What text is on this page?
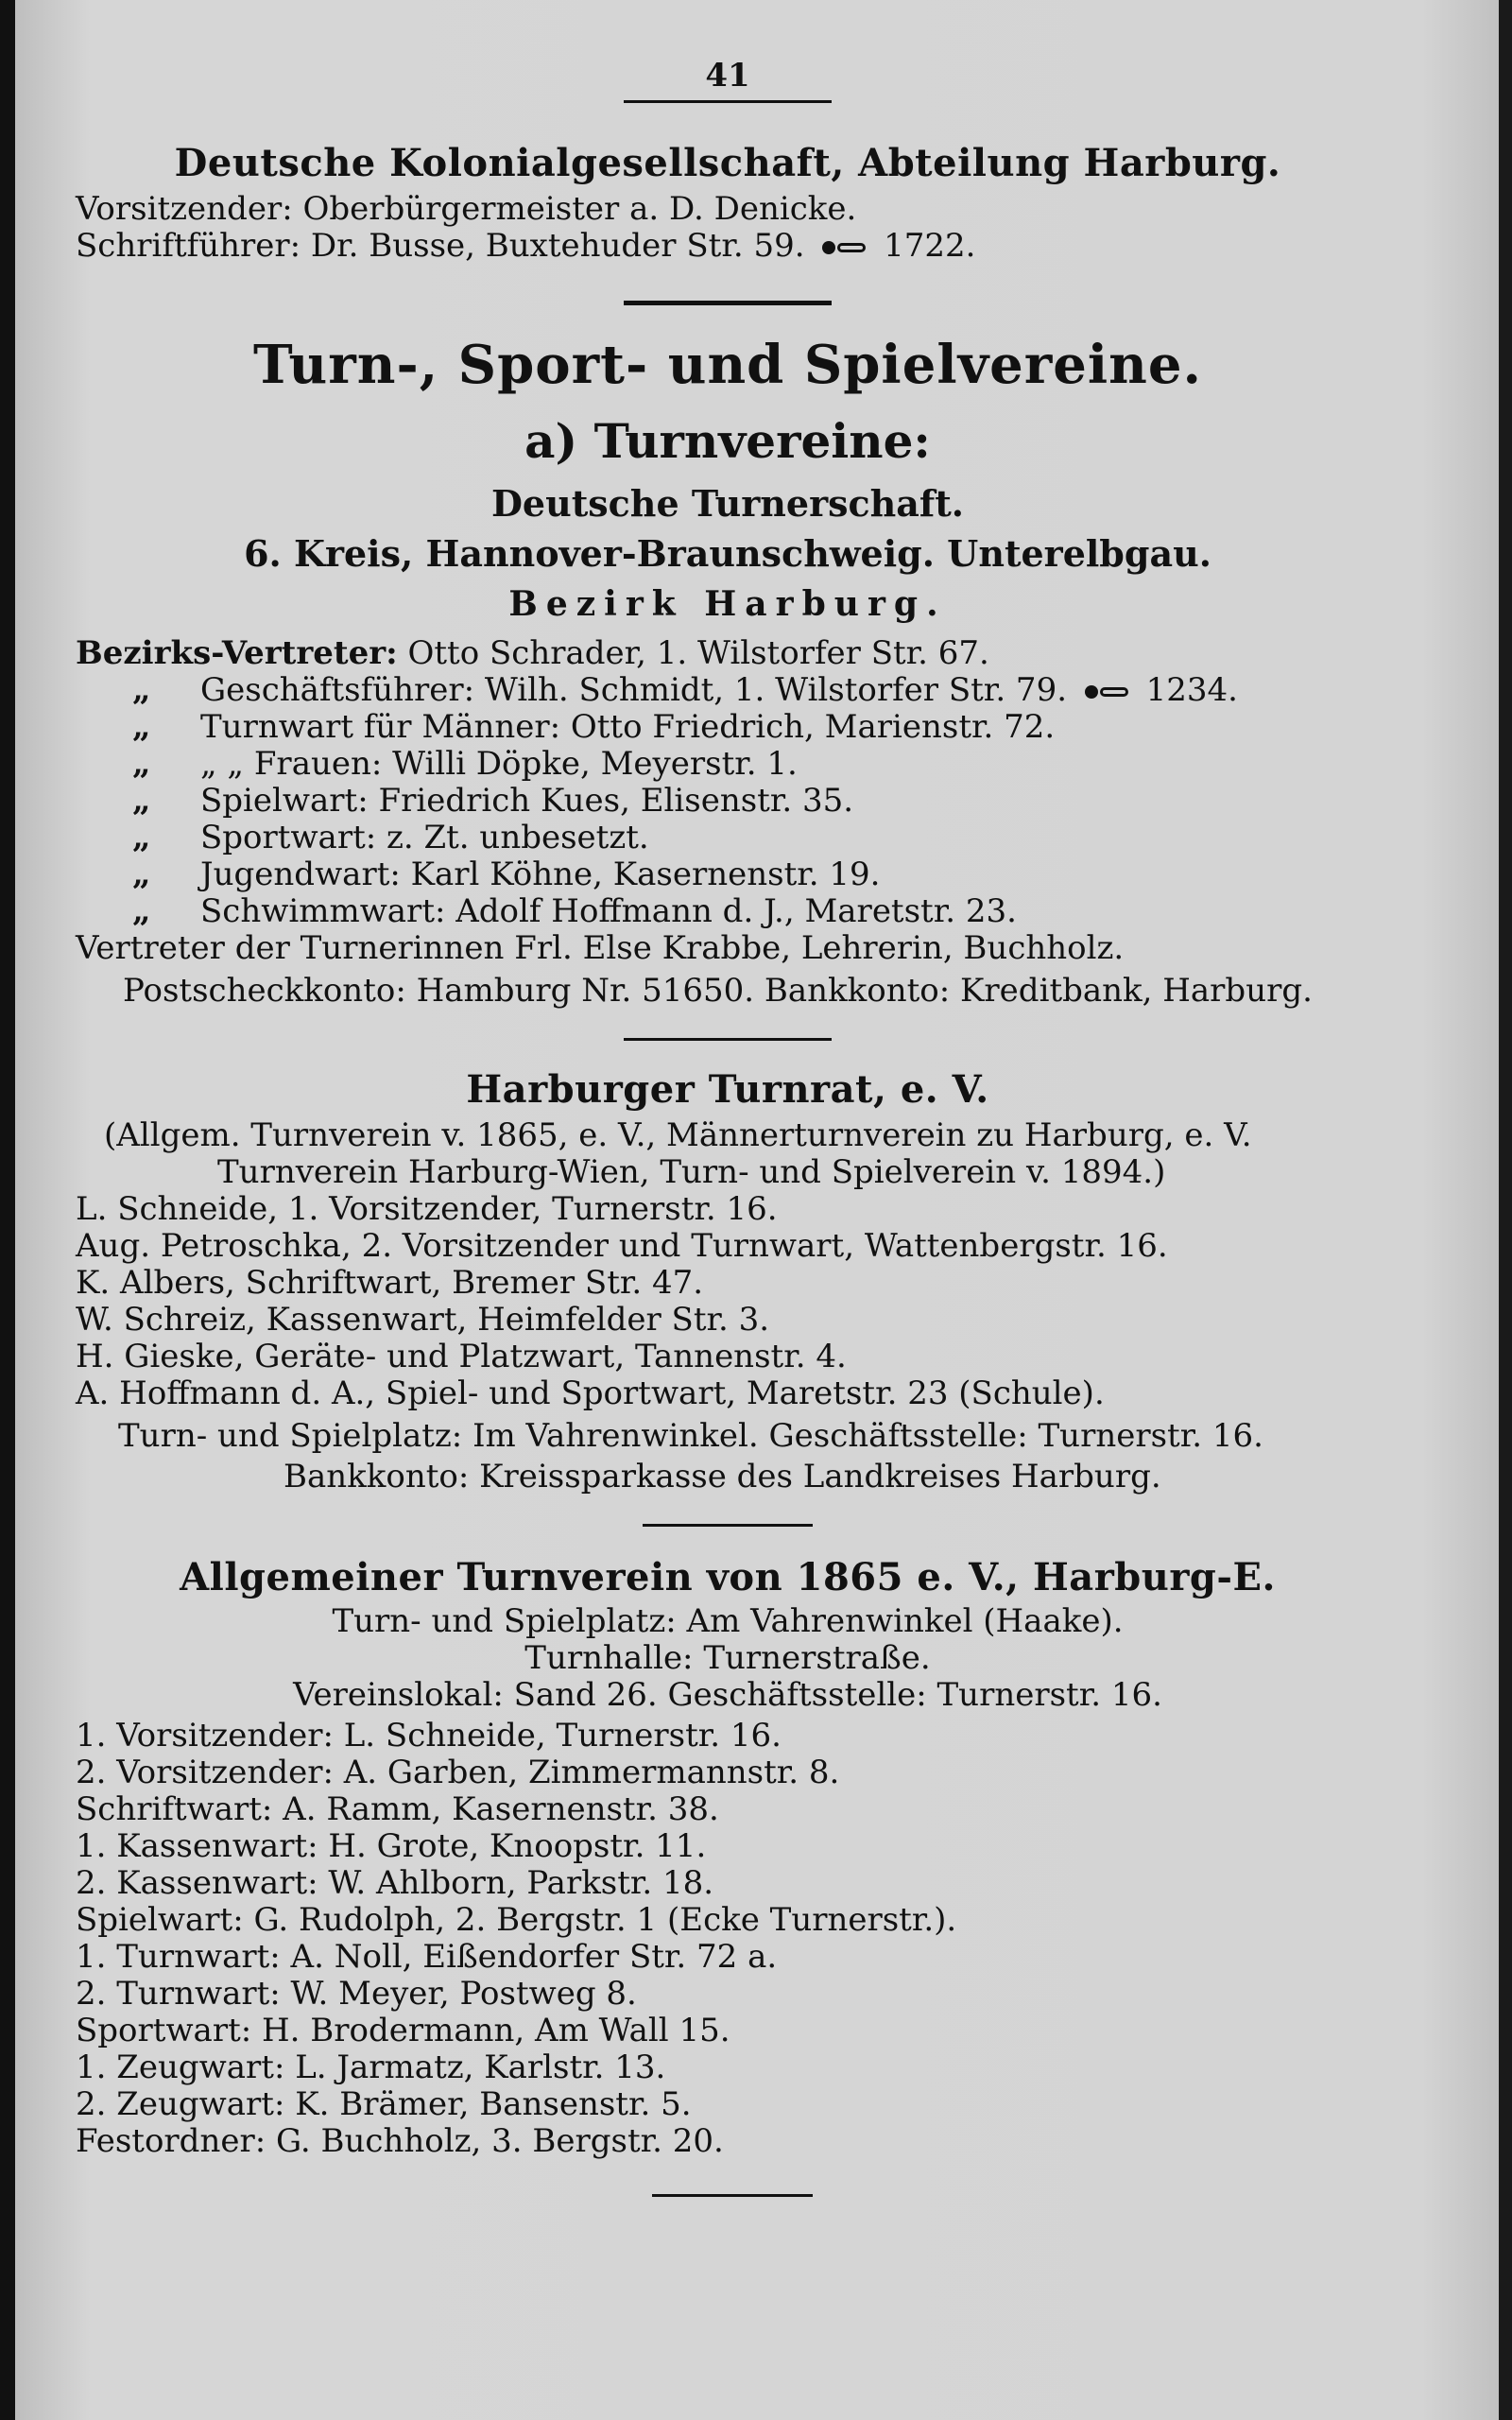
41
Deutsche Kolonialgesellschaft, Abteilung Harburg.
Vorsitzender: Oberbürgermeister a. D. Denicke.
Schriftführer: Dr. Busse, Buxtehuder Str. 59. 1722.
Turn-, Sport- und Spielvereine.
a) Turnvereine:
Deutsche Turnerschaft.
6. Kreis, Hannover-Braunschweig. Unterelbgau.
Bezirk Harburg.
Bezirks-Vertreter: Otto Schrader, 1. Wilstorfer Str. 67.
„ Geschäftsführer: Wilh. Schmidt, 1. Wilstorfer Str. 79. 1234.
„ Turnwart für Männer: Otto Friedrich, Marienstr. 72.
„ „ „ Frauen: Willi Döpke, Meyerstr. 1.
„ Spielwart: Friedrich Kues, Elisenstr. 35.
„ Sportwart: z. Zt. unbesetzt.
„ Jugendwart: Karl Köhne, Kasernenstr. 19.
„ Schwimmwart: Adolf Hoffmann d. J., Maretstr. 23.
Vertreter der Turnerinnen Frl. Else Krabbe, Lehrerin, Buchholz.
Postscheckkonto: Hamburg Nr. 51650. Bankkonto: Kreditbank, Harburg.
Harburger Turnrat, e. V.
(Allgem. Turnverein v. 1865, e. V., Männerturnverein zu Harburg, e. V.
Turnverein Harburg-Wien, Turn- und Spielverein v. 1894.)
L. Schneide, 1. Vorsitzender, Turnerstr. 16.
Aug. Petroschka, 2. Vorsitzender und Turnwart, Wattenbergstr. 16.
K. Albers, Schriftwart, Bremer Str. 47.
W. Schreiz, Kassenwart, Heimfelder Str. 3.
H. Gieske, Geräte- und Platzwart, Tannenstr. 4.
A. Hoffmann d. A., Spiel- und Sportwart, Maretstr. 23 (Schule).
Turn- und Spielplatz: Im Vahrenwinkel. Geschäftsstelle: Turnerstr. 16.
Bankkonto: Kreissparkasse des Landkreises Harburg.
Allgemeiner Turnverein von 1865 e. V., Harburg-E.
Turn- und Spielplatz: Am Vahrenwinkel (Haake).
Turnhalle: Turnerstraße.
Vereinslokal: Sand 26. Geschäftsstelle: Turnerstr. 16.
1. Vorsitzender: L. Schneide, Turnerstr. 16.
2. Vorsitzender: A. Garben, Zimmermannstr. 8.
Schriftwart: A. Ramm, Kasernenstr. 38.
1. Kassenwart: H. Grote, Knoopstr. 11.
2. Kassenwart: W. Ahlborn, Parkstr. 18.
Spielwart: G. Rudolph, 2. Bergstr. 1 (Ecke Turnerstr.).
1. Turnwart: A. Noll, Eißendorfer Str. 72 a.
2. Turnwart: W. Meyer, Postweg 8.
Sportwart: H. Brodermann, Am Wall 15.
1. Zeugwart: L. Jarmatz, Karlstr. 13.
2. Zeugwart: K. Brämer, Bansenstr. 5.
Festordner: G. Buchholz, 3. Bergstr. 20.
